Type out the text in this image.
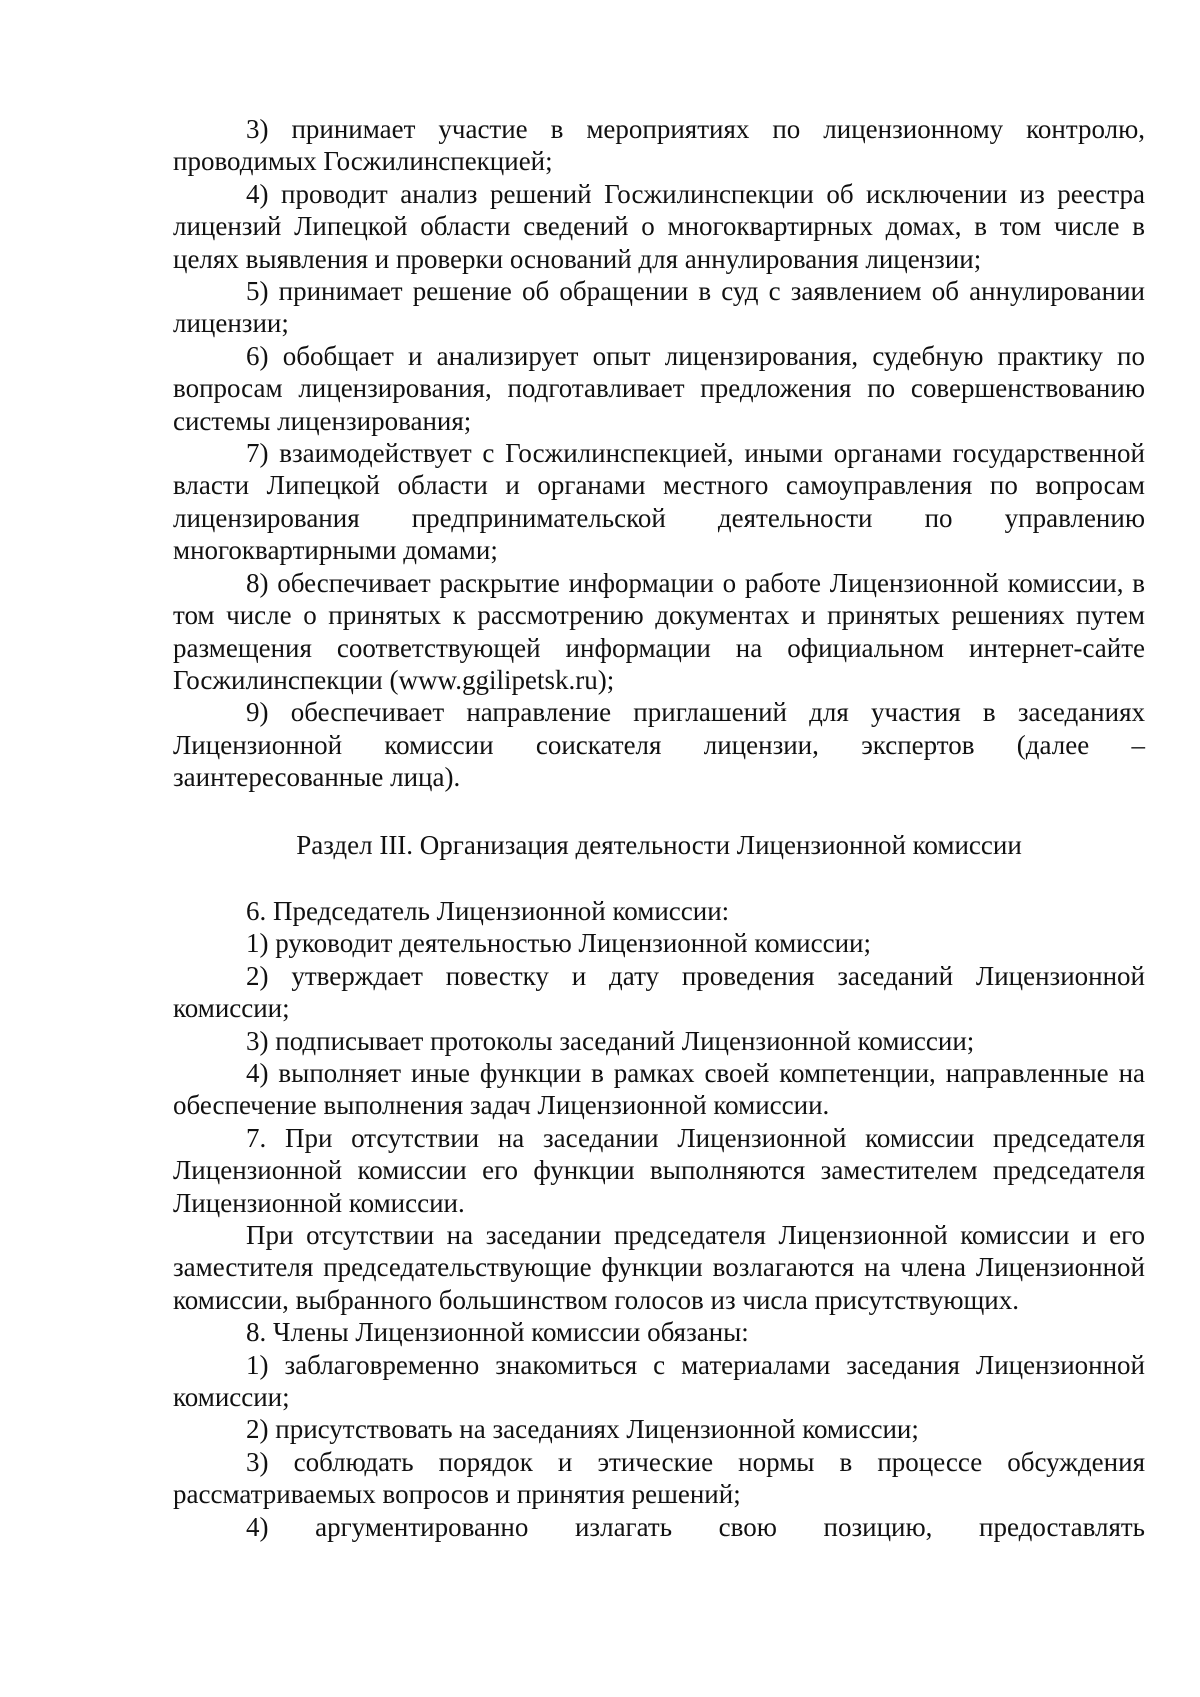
3) принимает участие в мероприятиях по лицензионному контролю, проводимых Госжилинспекцией;

4) проводит анализ решений Госжилинспекции об исключении из реестра лицензий Липецкой области сведений о многоквартирных домах, в том числе в целях выявления и проверки оснований для аннулирования лицензии;

5) принимает решение об обращении в суд с заявлением об аннулировании лицензии;

6) обобщает и анализирует опыт лицензирования, судебную практику по вопросам лицензирования, подготавливает предложения по совершенствованию системы лицензирования;

7) взаимодействует с Госжилинспекцией, иными органами государственной власти Липецкой области и органами местного самоуправления по вопросам лицензирования предпринимательской деятельности по управлению многоквартирными домами;

8) обеспечивает раскрытие информации о работе Лицензионной комиссии, в том числе о принятых к рассмотрению документах и принятых решениях путем размещения соответствующей информации на официальном интернет-сайте Госжилинспекции (www.ggilipetsk.ru);

9) обеспечивает направление приглашений для участия в заседаниях Лицензионной комиссии соискателя лицензии, экспертов (далее – заинтересованные лица).

Раздел III. Организация деятельности Лицензионной комиссии

6. Председатель Лицензионной комиссии:

1) руководит деятельностью Лицензионной комиссии;

2) утверждает повестку и дату проведения заседаний Лицензионной комиссии;

3) подписывает протоколы заседаний Лицензионной комиссии;

4) выполняет иные функции в рамках своей компетенции, направленные на обеспечение выполнения задач Лицензионной комиссии.

7. При отсутствии на заседании Лицензионной комиссии председателя Лицензионной комиссии его функции выполняются заместителем председателя Лицензионной комиссии.

При отсутствии на заседании председателя Лицензионной комиссии и его заместителя председательствующие функции возлагаются на члена Лицензионной комиссии, выбранного большинством голосов из числа присутствующих.

8. Члены Лицензионной комиссии обязаны:

1) заблаговременно знакомиться с материалами заседания Лицензионной комиссии;

2) присутствовать на заседаниях Лицензионной комиссии;

3) соблюдать порядок и этические нормы в процессе обсуждения рассматриваемых вопросов и принятия решений;

4) аргументированно излагать свою позицию, предоставлять
